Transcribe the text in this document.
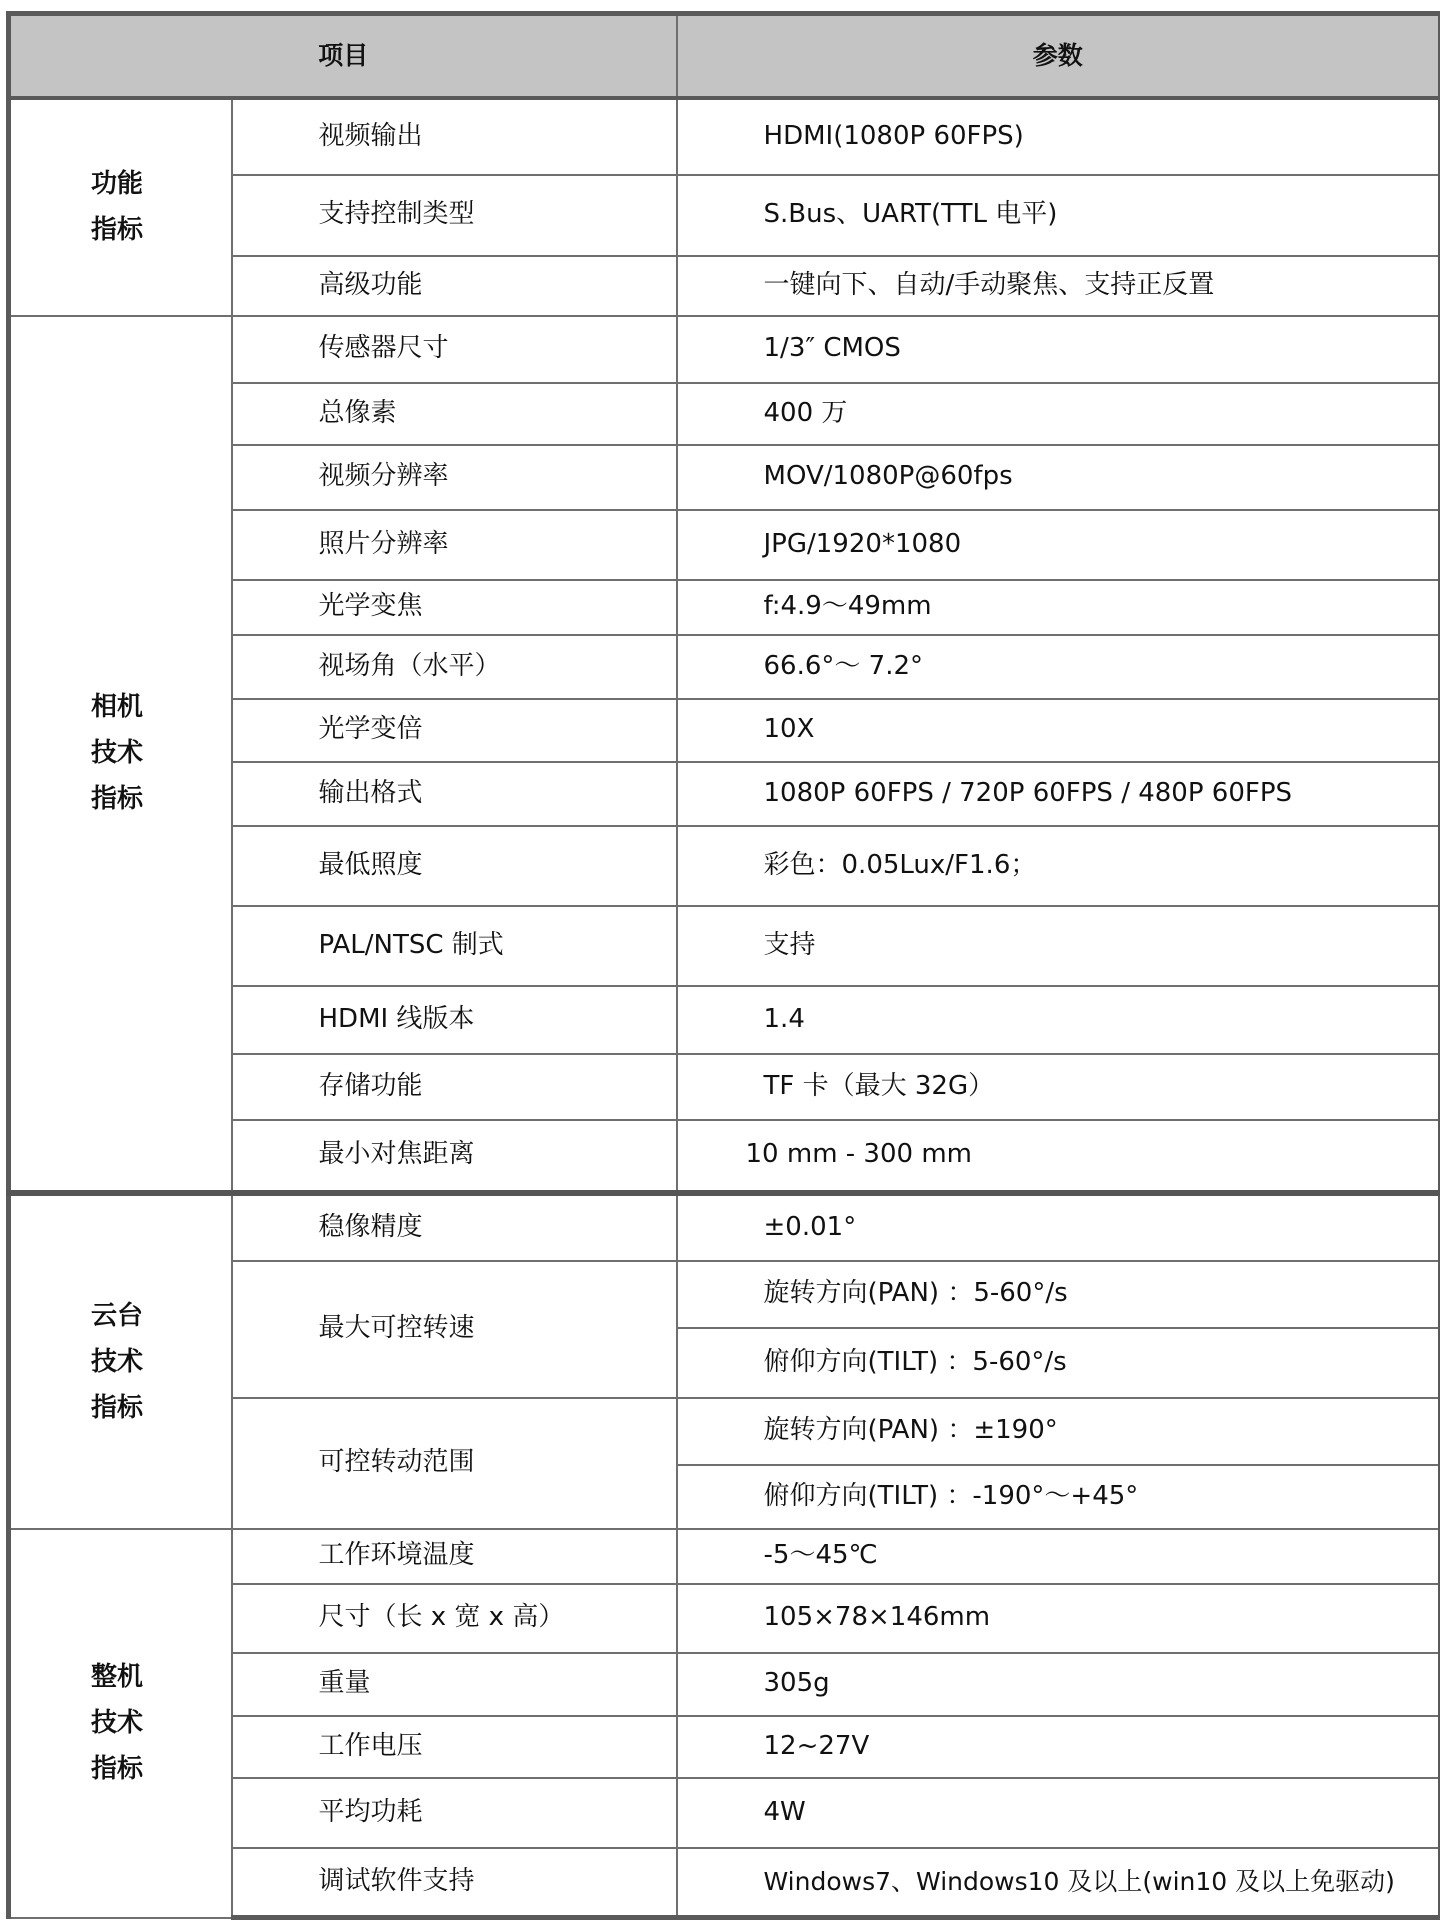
项目		参数

功能
指标	视频输出	HDMI(1080P 60FPS)
	支持控制类型	S.Bus、UART(TTL 电平)
	高级功能	一键向下、自动/手动聚焦、支持正反置

相机
技术
指标	传感器尺寸	1/3″ CMOS
	总像素	400 万
	视频分辨率	MOV/1080P@60fps
	照片分辨率	JPG/1920*1080
	光学变焦	f:4.9～49mm
	视场角（水平）	66.6°～ 7.2°
	光学变倍	10X
	输出格式	1080P 60FPS / 720P 60FPS / 480P 60FPS
	最低照度	彩色：0.05Lux/F1.6；
	PAL/NTSC 制式	支持
	HDMI 线版本	1.4
	存储功能	TF 卡（最大 32G）
	最小对焦距离	10 mm - 300 mm

云台
技术
指标	稳像精度	±0.01°
	最大可控转速	旋转方向(PAN) ：5-60°/s
		俯仰方向(TILT) ：5-60°/s
	可控转动范围	旋转方向(PAN) ：±190°
		俯仰方向(TILT) ：-190°～+45°

整机
技术
指标	工作环境温度	-5～45℃
	尺寸（长 x 宽 x 高）	105×78×146mm
	重量	305g
	工作电压	12~27V
	平均功耗	4W
	调试软件支持	Windows7、Windows10 及以上(win10 及以上免驱动)
